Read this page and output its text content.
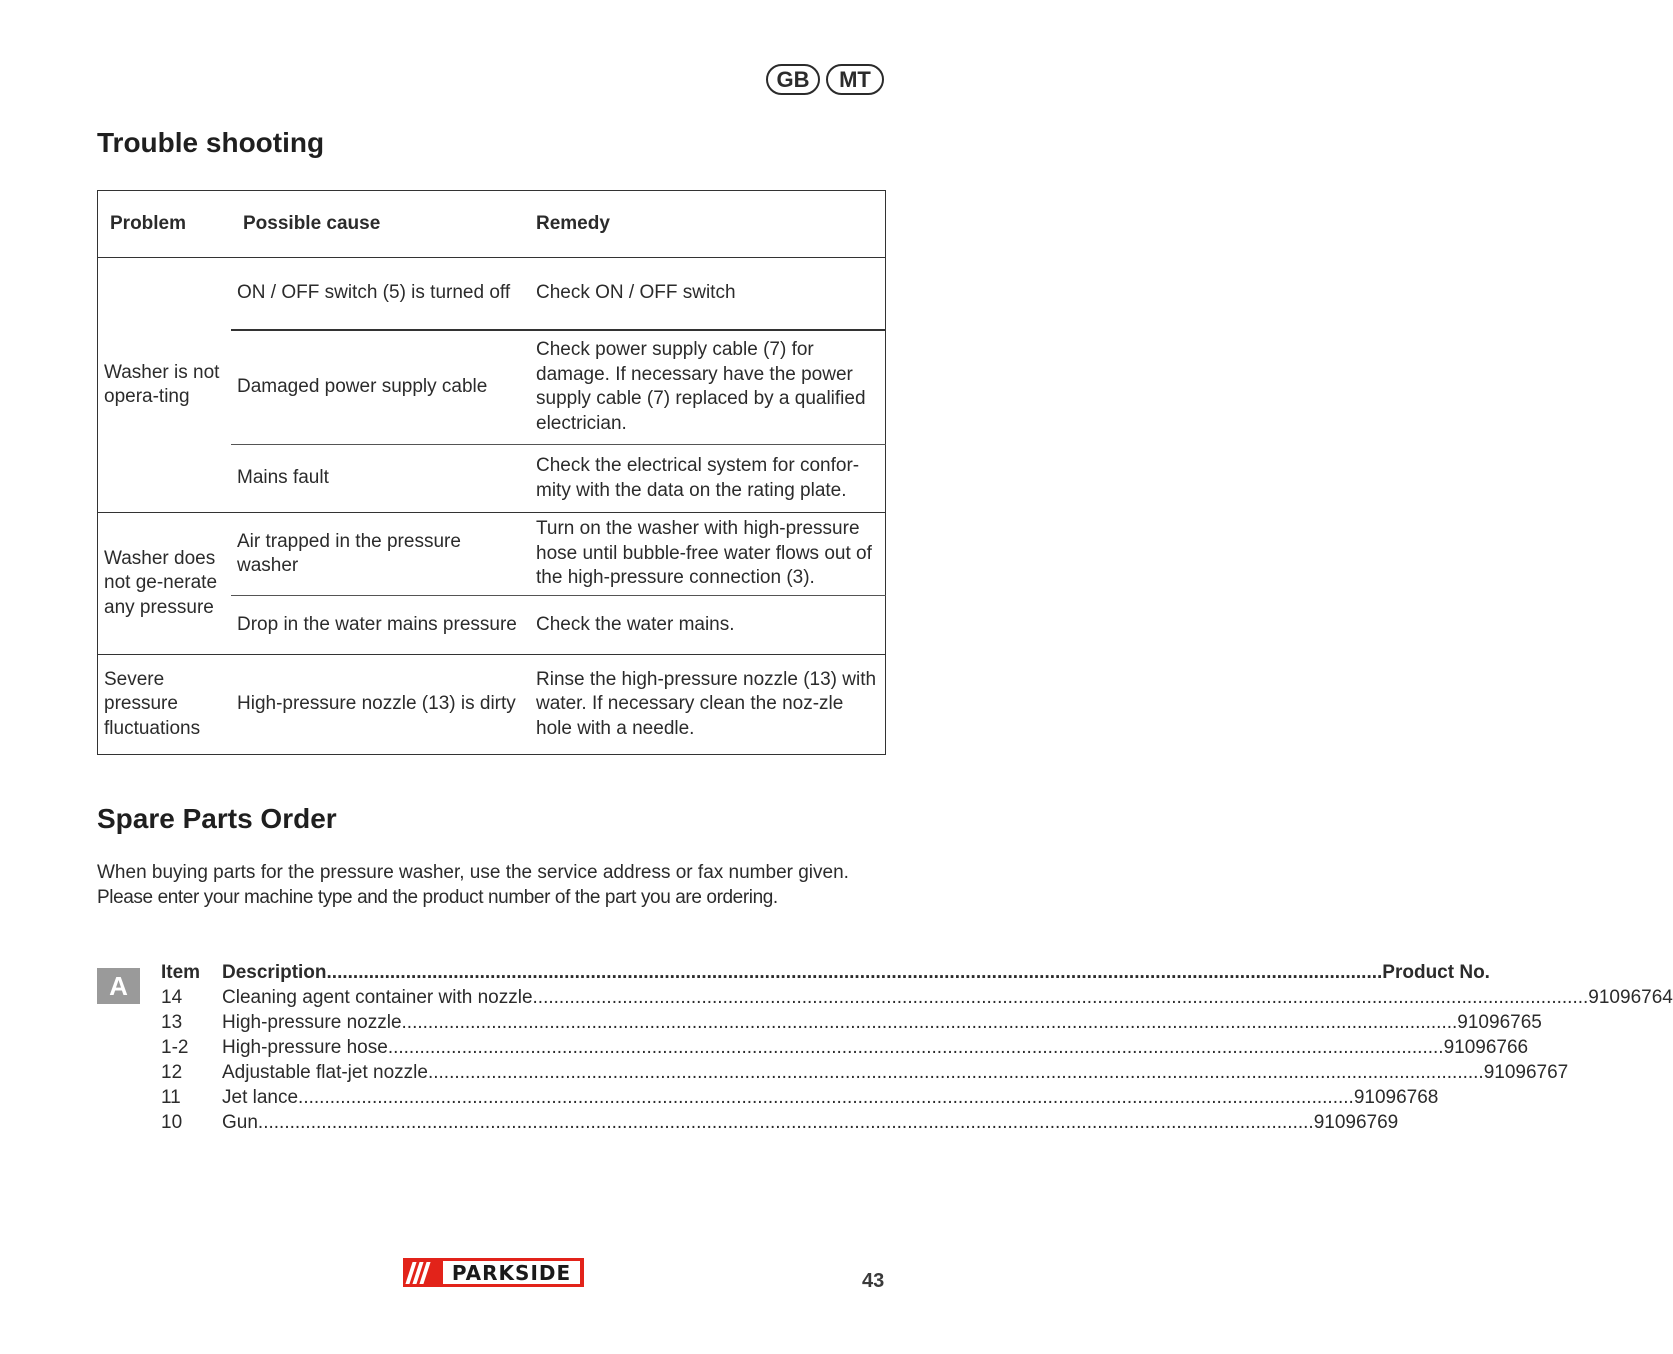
GB	MT
Trouble shooting
Problem	Possible cause	Remedy
Washer is not opera-ting	ON / OFF switch (5) is turned off	Check ON / OFF switch
	Damaged power supply cable	Check power supply cable (7) for damage. If necessary have the power supply cable (7) replaced by a qualified electrician.
	Mains fault	Check the electrical system for confor-mity with the data on the rating plate.
Washer does not ge-nerate any pressure	Air trapped in the pressure washer	Turn on the washer with high-pressure hose until bubble-free water flows out of the high-pressure connection (3).
	Drop in the water mains pressure	Check the water mains.
Severe pressure fluctuations	High-pressure nozzle (13) is dirty	Rinse the high-pressure nozzle (13) with water. If necessary clean the noz-zle hole with a needle.
Spare Parts Order

When buying parts for the pressure washer, use the service address or fax number given.

Please enter your machine type and the product number of the part you are ordering.

A	Item	Description ........................................................................................................................................................................................................ Product No.
14	Cleaning agent container with nozzle ........................................................................................................................................................................................................ 91096764
13	High-pressure nozzle ........................................................................................................................................................................................................ 91096765
1-2	High-pressure hose ........................................................................................................................................................................................................ 91096766
12	Adjustable flat-jet nozzle ........................................................................................................................................................................................................ 91096767
11	Jet lance ........................................................................................................................................................................................................ 91096768
10	Gun ........................................................................................................................................................................................................ 91096769
PARKSIDE	43
